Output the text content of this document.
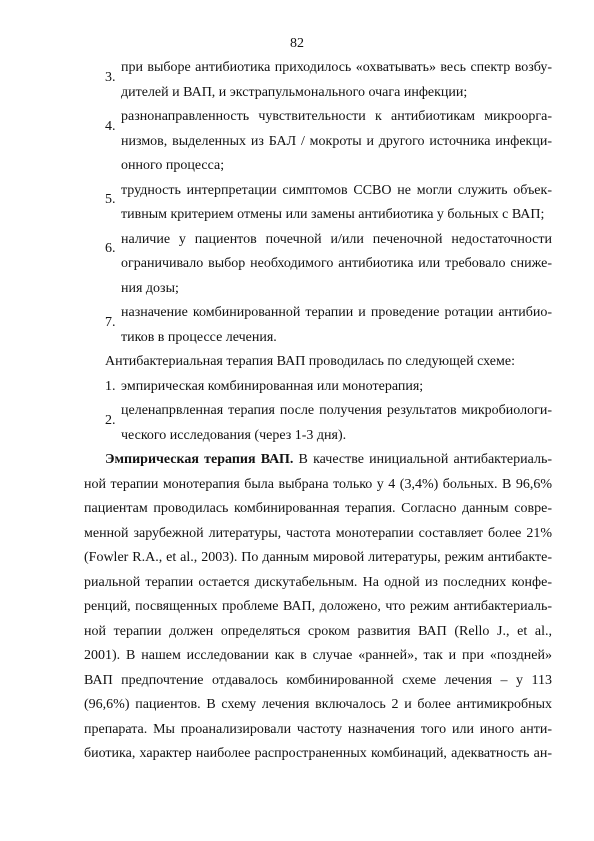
82
3.при выборе антибиотика приходилось «охватывать» весь спектр возбу-
дителей и ВАП, и экстрапульмонального очага инфекции;
4.разнонаправленность чувствительности к антибиотикам микроорга-
низмов, выделенных из БАЛ / мокроты и другого источника инфекци-
онного процесса;
5.трудность интерпретации симптомов ССВО не могли служить объек-
тивным критерием отмены или замены антибиотика у больных с ВАП;
6.наличие у пациентов почечной и/или печеночной недостаточности
ограничивало выбор необходимого антибиотика или требовало сниже-
ния дозы;
7.назначение комбинированной терапии и проведение ротации антибио-
тиков в процессе лечения.
Антибактериальная терапия ВАП проводилась по следующей схеме:
1. эмпирическая комбинированная или монотерапия;
2.целенапрвленная терапия после получения результатов микробиологи-
ческого исследования (через 1-3 дня).
Эмпирическая терапия ВАП. В качестве инициальной антибактериаль-
ной терапии монотерапия была выбрана только у 4 (3,4%) больных. В 96,6%
пациентам проводилась комбинированная терапия. Согласно данным совре-
менной зарубежной литературы, частота монотерапии составляет более 21%
(Fowler R.A., et al., 2003). По данным мировой литературы, режим антибакте-
риальной терапии остается дискутабельным. На одной из последних конфе-
ренций, посвященных проблеме ВАП, доложено, что режим антибактериаль-
ной терапии должен определяться сроком развития ВАП (Rello J., et al.,
2001). В нашем исследовании как в случае «ранней», так и при «поздней»
ВАП предпочтение отдавалось комбинированной схеме лечения – у 113
(96,6%) пациентов. В схему лечения включалось 2 и более антимикробных
препарата. Мы проанализировали частоту назначения того или иного анти-
биотика, характер наиболее распространенных комбинаций, адекватность ан-
